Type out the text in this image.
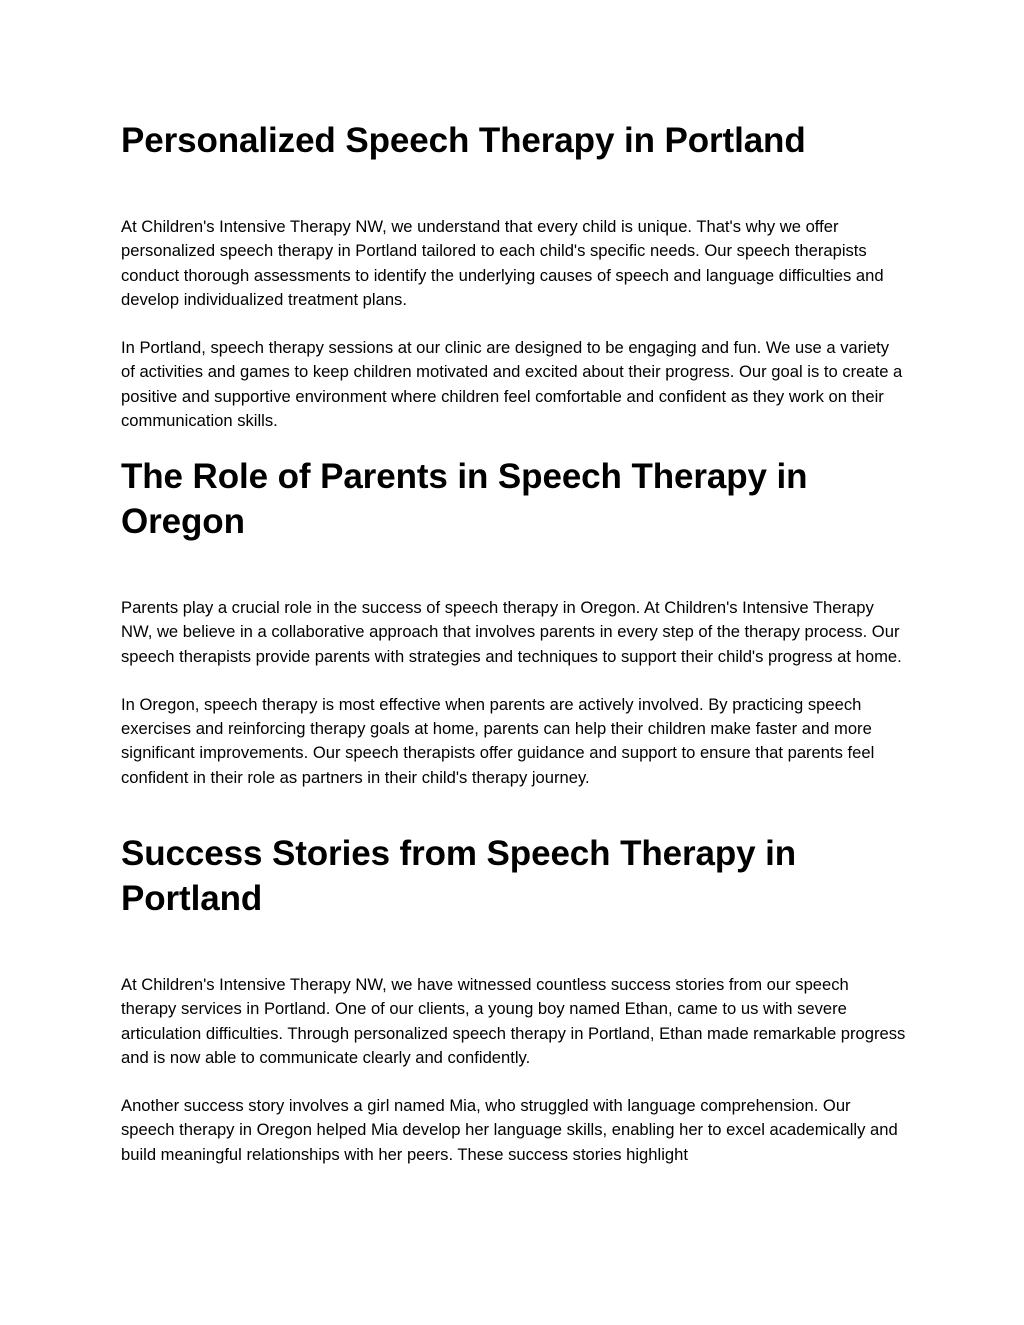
Personalized Speech Therapy in Portland

At Children's Intensive Therapy NW, we understand that every child is unique. That's why we offer personalized speech therapy in Portland tailored to each child's specific needs. Our speech therapists conduct thorough assessments to identify the underlying causes of speech and language difficulties and develop individualized treatment plans.

In Portland, speech therapy sessions at our clinic are designed to be engaging and fun. We use a variety of activities and games to keep children motivated and excited about their progress. Our goal is to create a positive and supportive environment where children feel comfortable and confident as they work on their communication skills.

The Role of Parents in Speech Therapy in Oregon

Parents play a crucial role in the success of speech therapy in Oregon. At Children's Intensive Therapy NW, we believe in a collaborative approach that involves parents in every step of the therapy process. Our speech therapists provide parents with strategies and techniques to support their child's progress at home.

In Oregon, speech therapy is most effective when parents are actively involved. By practicing speech exercises and reinforcing therapy goals at home, parents can help their children make faster and more significant improvements. Our speech therapists offer guidance and support to ensure that parents feel confident in their role as partners in their child's therapy journey.

Success Stories from Speech Therapy in Portland

At Children's Intensive Therapy NW, we have witnessed countless success stories from our speech therapy services in Portland. One of our clients, a young boy named Ethan, came to us with severe articulation difficulties. Through personalized speech therapy in Portland, Ethan made remarkable progress and is now able to communicate clearly and confidently.

Another success story involves a girl named Mia, who struggled with language comprehension. Our speech therapy in Oregon helped Mia develop her language skills, enabling her to excel academically and build meaningful relationships with her peers. These success stories highlight
